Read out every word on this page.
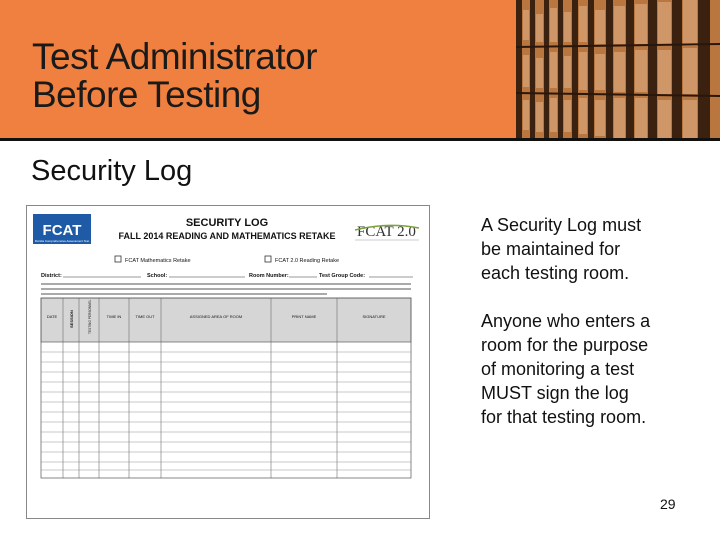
Test Administrator
Before Testing
Security Log
FCAT
Florida Comprehensive Assessment Test
SECURITY LOG
FALL 2014 READING AND MATHEMATICS RETAKE FCAT 2.0
FCAT Mathematics Retake	FCAT 2.0 Reading Retake
District:	School:	Room Number:	Test Group Code:
DATE	SESSION	TESTING PERSONNEL	TIME IN	TIME OUT	ASSIGNED AREA OF ROOM	PRINT NAME	SIGNATURE

A Security Log must
be maintained for
each testing room.

Anyone who enters a
room for the purpose
of monitoring a test
MUST sign the log
for that testing room.

29
